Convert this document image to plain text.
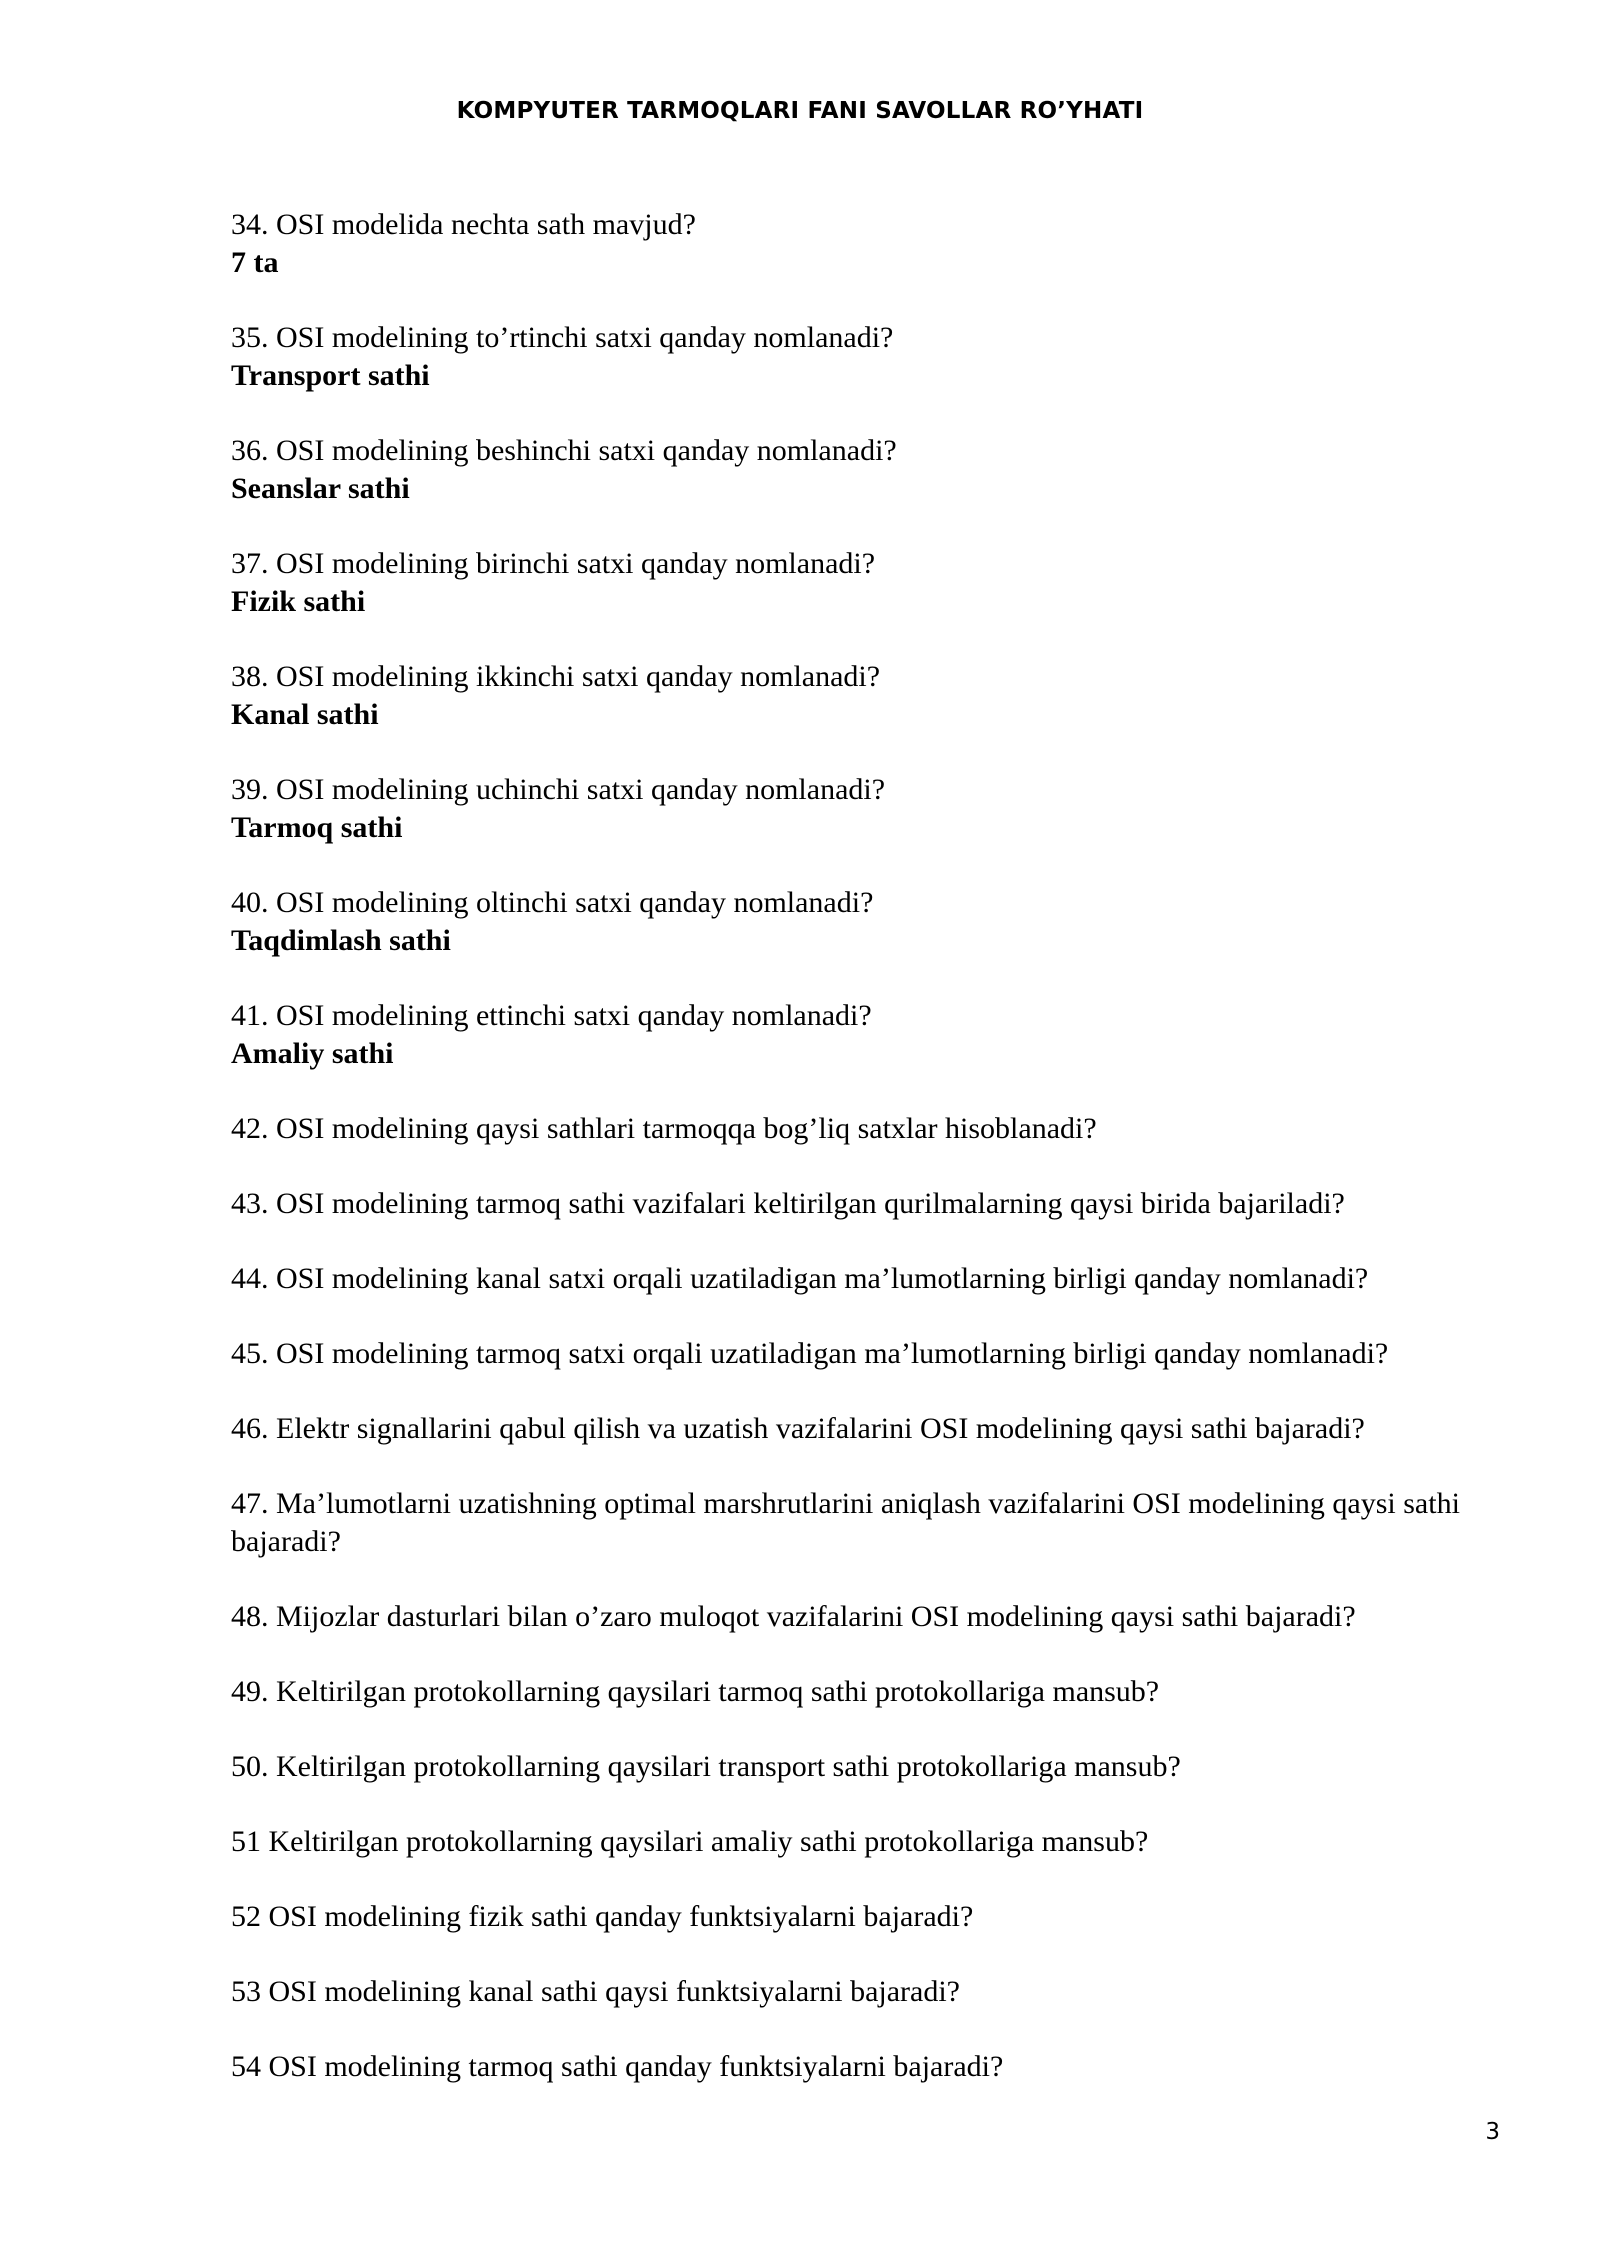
KOMPYUTER TARMOQLARI FANI SAVOLLAR RO’YHATI
34. OSI modelida nechta sath mavjud?
7 ta
35. OSI modelining to’rtinchi satxi qanday nomlanadi?
Transport sathi
36. OSI modelining beshinchi satxi qanday nomlanadi?
Seanslar sathi
37. OSI modelining birinchi satxi qanday nomlanadi?
Fizik sathi
38. OSI modelining ikkinchi satxi qanday nomlanadi?
Kanal sathi
39. OSI modelining uchinchi satxi qanday nomlanadi?
Tarmoq sathi
40. OSI modelining oltinchi satxi qanday nomlanadi?
Taqdimlash sathi
41. OSI modelining ettinchi satxi qanday nomlanadi?
Amaliy sathi
42. OSI modelining qaysi sathlari tarmoqqa bog’liq satxlar hisoblanadi?
43. OSI modelining tarmoq sathi vazifalari keltirilgan qurilmalarning qaysi birida bajariladi?
44. OSI modelining kanal satxi orqali uzatiladigan ma’lumotlarning birligi qanday nomlanadi?
45. OSI modelining tarmoq satxi orqali uzatiladigan ma’lumotlarning birligi qanday nomlanadi?
46. Elektr signallarini qabul qilish va uzatish vazifalarini OSI modelining qaysi sathi bajaradi?
47. Ma’lumotlarni uzatishning optimal marshrutlarini aniqlash vazifalarini OSI modelining qaysi sathi bajaradi?
48. Mijozlar dasturlari bilan o’zaro muloqot vazifalarini OSI modelining qaysi sathi bajaradi?
49. Keltirilgan protokollarning qaysilari tarmoq sathi protokollariga mansub?
50. Keltirilgan protokollarning qaysilari transport sathi protokollariga mansub?
51 Keltirilgan protokollarning qaysilari amaliy sathi protokollariga mansub?
52 OSI modelining fizik sathi qanday funktsiyalarni bajaradi?
53 OSI modelining kanal sathi qaysi funktsiyalarni bajaradi?
54 OSI modelining tarmoq sathi qanday funktsiyalarni bajaradi?
3
